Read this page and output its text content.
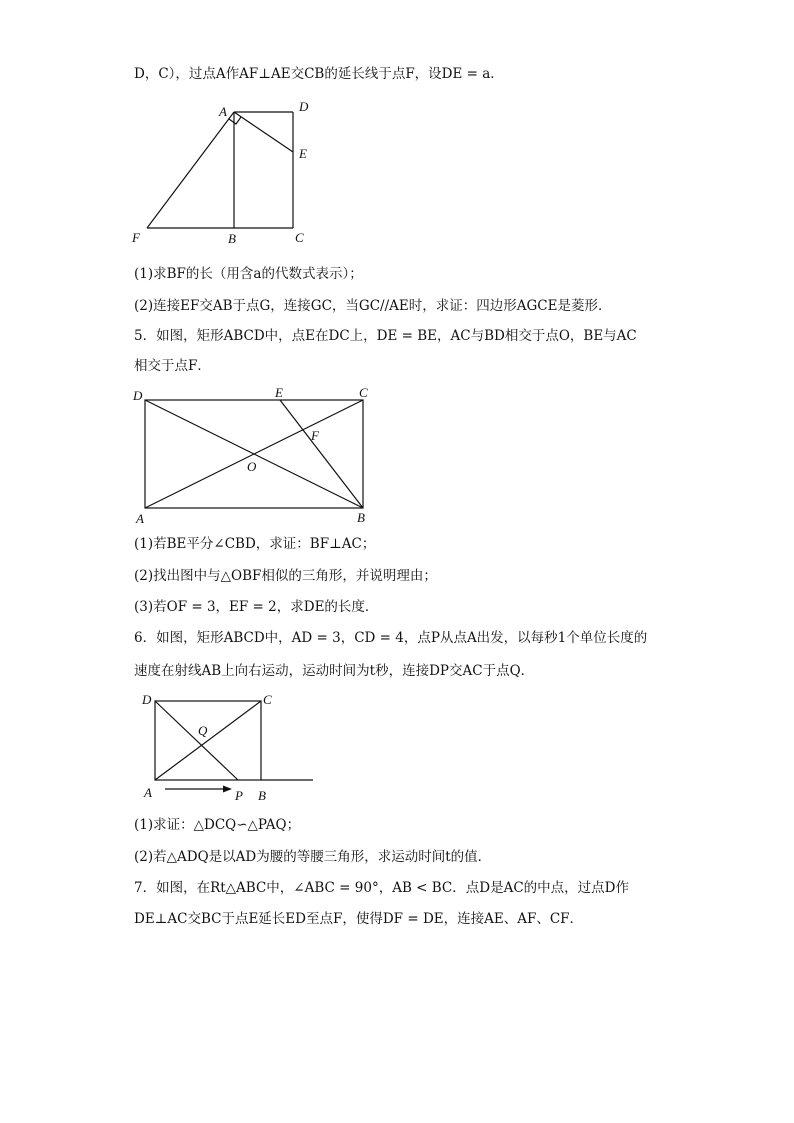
D，C），过点A作AF⊥AE交CB的延长线于点F，设DE = a．
A	D
E
F	B	C
(1)求BF的长（用含a的代数式表示）；
(2)连接EF交AB于点G，连接GC，当GC//AE时，求证：四边形AGCE是菱形．
5．如图，矩形ABCD中，点E在DC上，DE = BE，AC与BD相交于点O，BE与AC
相交于点F．
D	E	C
F
O
A	B
(1)若BE平分∠CBD，求证：BF⊥AC；
(2)找出图中与△OBF相似的三角形，并说明理由；
(3)若OF = 3，EF = 2，求DE的长度．
6．如图，矩形ABCD中，AD = 3，CD = 4，点P从点A出发，以每秒1个单位长度的
速度在射线AB上向右运动，运动时间为t秒，连接DP交AC于点Q．
D	C
Q
A	P B
(1)求证：△DCQ∽△PAQ；
(2)若△ADQ是以AD为腰的等腰三角形，求运动时间t的值．
7．如图，在Rt△ABC中，∠ABC = 90°，AB < BC．点D是AC的中点，过点D作
DE⊥AC交BC于点E延长ED至点F，使得DF = DE，连接AE、AF、CF．
